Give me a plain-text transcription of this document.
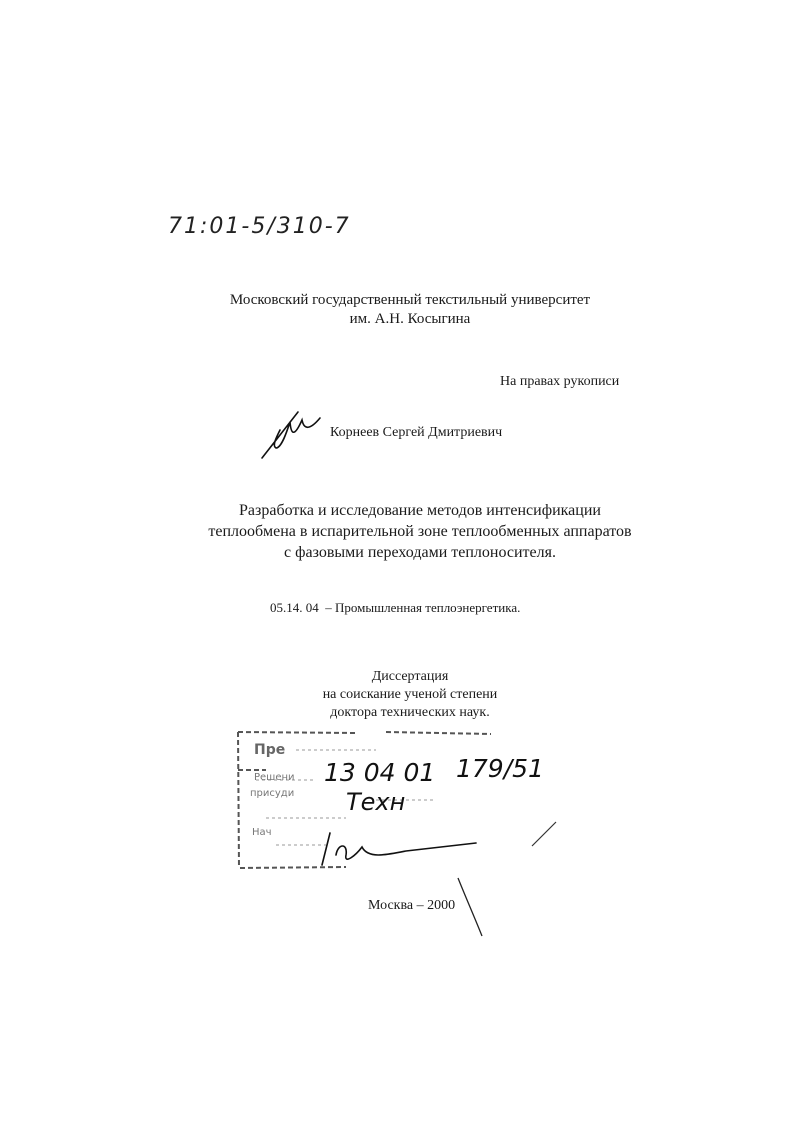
71:01-5/310-7
Московский государственный текстильный университет
им. А.Н. Косыгина
На правах рукописи
Корнеев Сергей Дмитриевич
Разработка и исследование методов интенсификации
теплообмена в испарительной зоне теплообменных аппаратов
с фазовыми переходами теплоносителя.
05.14. 04  – Промышленная теплоэнергетика.
Диссертация
на соискание ученой степени
доктора технических наук.
Пре
Решени
присуди
Нач
13 04 01 179/51
Техн
Москва – 2000
